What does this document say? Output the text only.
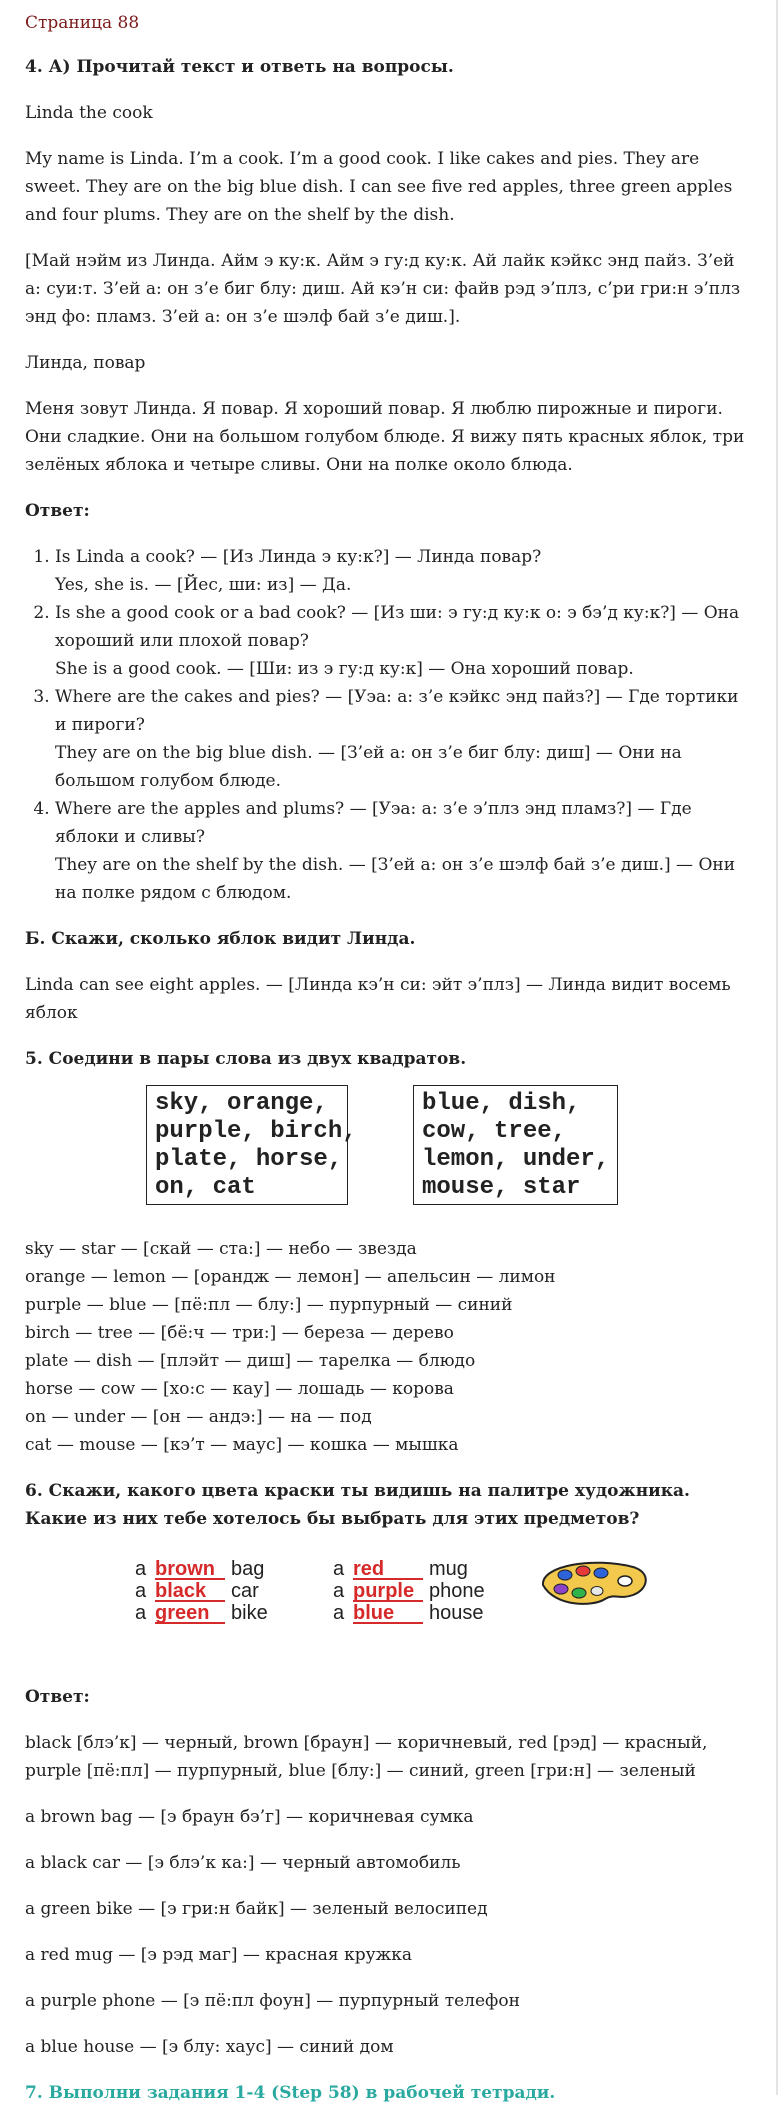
Страница 88

4. А) Прочитай текст и ответь на вопросы.

Linda the cook

My name is Linda. I’m a cook. I’m a good cook. I like cakes and pies. They are sweet. They are on the big blue dish. I can see five red apples, three green apples and four plums. They are on the shelf by the dish.

[Май нэйм из Линда. Айм э ку:к. Айм э гу:д ку:к. Ай лайк кэйкс энд пайз. З’ей а: суи:т. З’ей а: он з’е биг блу: диш. Ай кэ’н си: файв рэд э’плз, с’ри гри:н э’плз энд фо: пламз. З’ей а: он з’е шэлф бай з’е диш.].

Линда, повар

Меня зовут Линда. Я повар. Я хороший повар. Я люблю пирожные и пироги. Они сладкие. Они на большом голубом блюде. Я вижу пять красных яблок, три зелёных яблока и четыре сливы. Они на полке около блюда.

Ответ:

1. Is Linda a cook? — [Из Линда э ку:к?] — Линда повар?
Yes, she is. — [Йес, ши: из] — Да.
2. Is she a good cook or a bad cook? — [Из ши: э гу:д ку:к о: э бэ’д ку:к?] — Она хороший или плохой повар?
She is a good cook. — [Ши: из э гу:д ку:к] — Она хороший повар.
3. Where are the cakes and pies? — [Уэа: а: з’е кэйкс энд пайз?] — Где тортики и пироги?
They are on the big blue dish. — [З’ей а: он з’е биг блу: диш] — Они на большом голубом блюде.
4. Where are the apples and plums? — [Уэа: а: з’е э’плз энд пламз?] — Где яблоки и сливы?
They are on the shelf by the dish. — [З’ей а: он з’е шэлф бай з’е диш.] — Они на полке рядом с блюдом.

Б. Скажи, сколько яблок видит Линда.

Linda can see eight apples. — [Линда кэ’н си: эйт э’плз] — Линда видит восемь яблок

5. Соедини в пары слова из двух квадратов.

sky, orange,
purple, birch,
plate, horse,
on, cat
blue, dish,
cow, tree,
lemon, under,
mouse, star

sky — star — [скай — ста:] — небо — звезда

orange — lemon — [орандж — лемон] — апельсин — лимон

purple — blue — [пё:пл — блу:] — пурпурный — синий

birch — tree — [бё:ч — три:] — береза — дерево

plate — dish — [плэйт — диш] — тарелка — блюдо

horse — cow — [хо:с — кау] — лошадь — корова

on — under — [он — андэ:] — на — под

cat — mouse — [кэ’т — маус] — кошка — мышка

6. Скажи, какого цвета краски ты видишь на палитре художника. Какие из них тебе хотелось бы выбрать для этих предметов?

a brown bag
a black car
a green bike
a red mug
a purple phone
a blue house

Ответ:

black [блэ’к] — черный, brown [браун] — коричневый, red [рэд] — красный, purple [пё:пл] — пурпурный, blue [блу:] — синий, green [гри:н] — зеленый

a brown bag — [э браун бэ’г] — коричневая сумка

a black car — [э блэ’к ка:] — черный автомобиль

a green bike — [э гри:н байк] — зеленый велосипед

a red mug — [э рэд маг] — красная кружка

a purple phone — [э пё:пл фоун] — пурпурный телефон

a blue house — [э блу: хаус] — синий дом

7. Выполни задания 1-4 (Step 58) в рабочей тетради.
